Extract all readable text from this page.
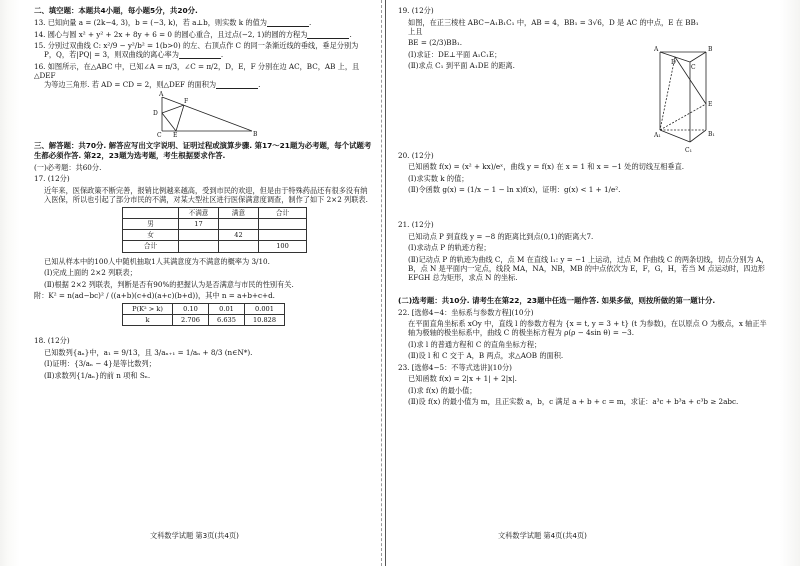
二、填空题：本题共4小题，每小题5分，共20分.

13. 已知向量 a = (2k−4, 3)，b = (−3, k)，若 a⊥b，则实数 k 的值为	.

14. 圆心与圆 x² + y² + 2x + 8y + 6 = 0 的圆心重合，且过点(−2, 1)的圆的方程为	.

15. 分别过双曲线 C: x²/9 − y²/b² = 1(b>0) 的左、右顶点作 C 的同一条渐近线的垂线，垂足分别为
P，Q，若|PQ| = 3，则双曲线的离心率为	.

16. 如图所示，在△ABC 中，已知∠A = π/3，∠C = π/2，D，E，F 分别在边 AC，BC，AB 上，且△DEF
为等边三角形. 若 AD = CD = 2，则△DEF 的面积为	.

D
A
C E
F
B

三、解答题：共70分. 解答应写出文字说明、证明过程或演算步骤. 第17～21题为必考题，每个试题考生都必须作答. 第22，23题为选考题，考生根据要求作答.

(一)必考题：共60分.

17. (12分)

近年来，医保政策不断完善，报销比例越来越高，受到市民的欢迎，但是由于特殊药品还有很多没有纳入医保，所以也引起了部分市民的不满，对某大型社区进行医保满意度调查，制作了如下 2×2 列联表.

	不满意	满意	合计
男	17		
女		42	
合计			100

已知从样本中的100人中随机抽取1人其满意度为不满意的概率为 3/10.

(Ⅰ)完成上面的 2×2 列联表；

(Ⅱ)根据 2×2 列联表，判断是否有90%的把握认为是否满意与市民的性别有关.

附：K² = n(ad−bc)² / ((a+b)(c+d)(a+c)(b+d))，其中 n = a+b+c+d.

P(K² > k)	0.10	0.01	0.001
k	2.706	6.635	10.828

18. (12分)

已知数列{aₙ}中，a₁ = 9/13，且 3/aₙ₊₁ = 1/aₙ + 8/3 (n∈N*).

(Ⅰ)证明：{3/aₙ − 4}是等比数列；

(Ⅱ)求数列{1/aₙ}的前 n 项和 Sₙ.

19. (12分)

如图，在正三棱柱 ABC−A₁B₁C₁ 中，AB = 4，BB₁ = 3√6，D 是 AC 的中点，E 在 BB₁ 上且

BE = (2/3)BB₁.

(Ⅰ)求证：DE⊥平面 A₁C₁E；

(Ⅱ)求点 C₁ 到平面 A₁DE 的距离.

A	B
C
D
E
A₁	B₁
C₁

20. (12分)

已知函数 f(x) = (x² + kx)/eˣ，曲线 y = f(x) 在 x = 1 和 x = −1 处的切线互相垂直.

(Ⅰ)求实数 k 的值；

(Ⅱ)令函数 g(x) = (1/x − 1 − ln x)f(x)，证明：g(x) < 1 + 1/e².

21. (12分)

已知动点 P 到直线 y = −8 的距离比到点(0,1)的距离大7.

(Ⅰ)求动点 P 的轨迹方程；

(Ⅱ)记动点 P 的轨迹为曲线 C，点 M 在直线 l₁: y = −1 上运动，过点 M 作曲线 C 的两条切线，切点分别为 A，B，点 N 是平面内一定点，线段 MA，NA，NB，MB 的中点依次为 E，F，G，H，若当 M 点运动时，四边形 EFGH 总为矩形，求点 N 的坐标.

(二)选考题：共10分. 请考生在第22，23题中任选一题作答. 如果多做，则按所做的第一题计分.

22. [选修4−4：坐标系与参数方程](10分)

在平面直角坐标系 xOy 中，直线 l 的参数方程为 {x = t, y = 3 + t} (t 为参数)，在以原点 O 为极点，x 轴正半轴为极轴的极坐标系中，曲线 C 的极坐标方程为 ρ(ρ − 4sin θ) = −3.

(Ⅰ)求 l 的普通方程和 C 的直角坐标方程；

(Ⅱ)设 l 和 C 交于 A，B 两点，求△AOB 的面积.

23. [选修4−5：不等式选讲](10分)

已知函数 f(x) = 2|x + 1| + 2|x|.

(Ⅰ)求 f(x) 的最小值；

(Ⅱ)设 f(x) 的最小值为 m，且正实数 a，b，c 满足 a + b + c = m，求证：a³c + b³a + c³b ≥ 2abc.

文科数学试题 第3页(共4页)	文科数学试题 第4页(共4页)
